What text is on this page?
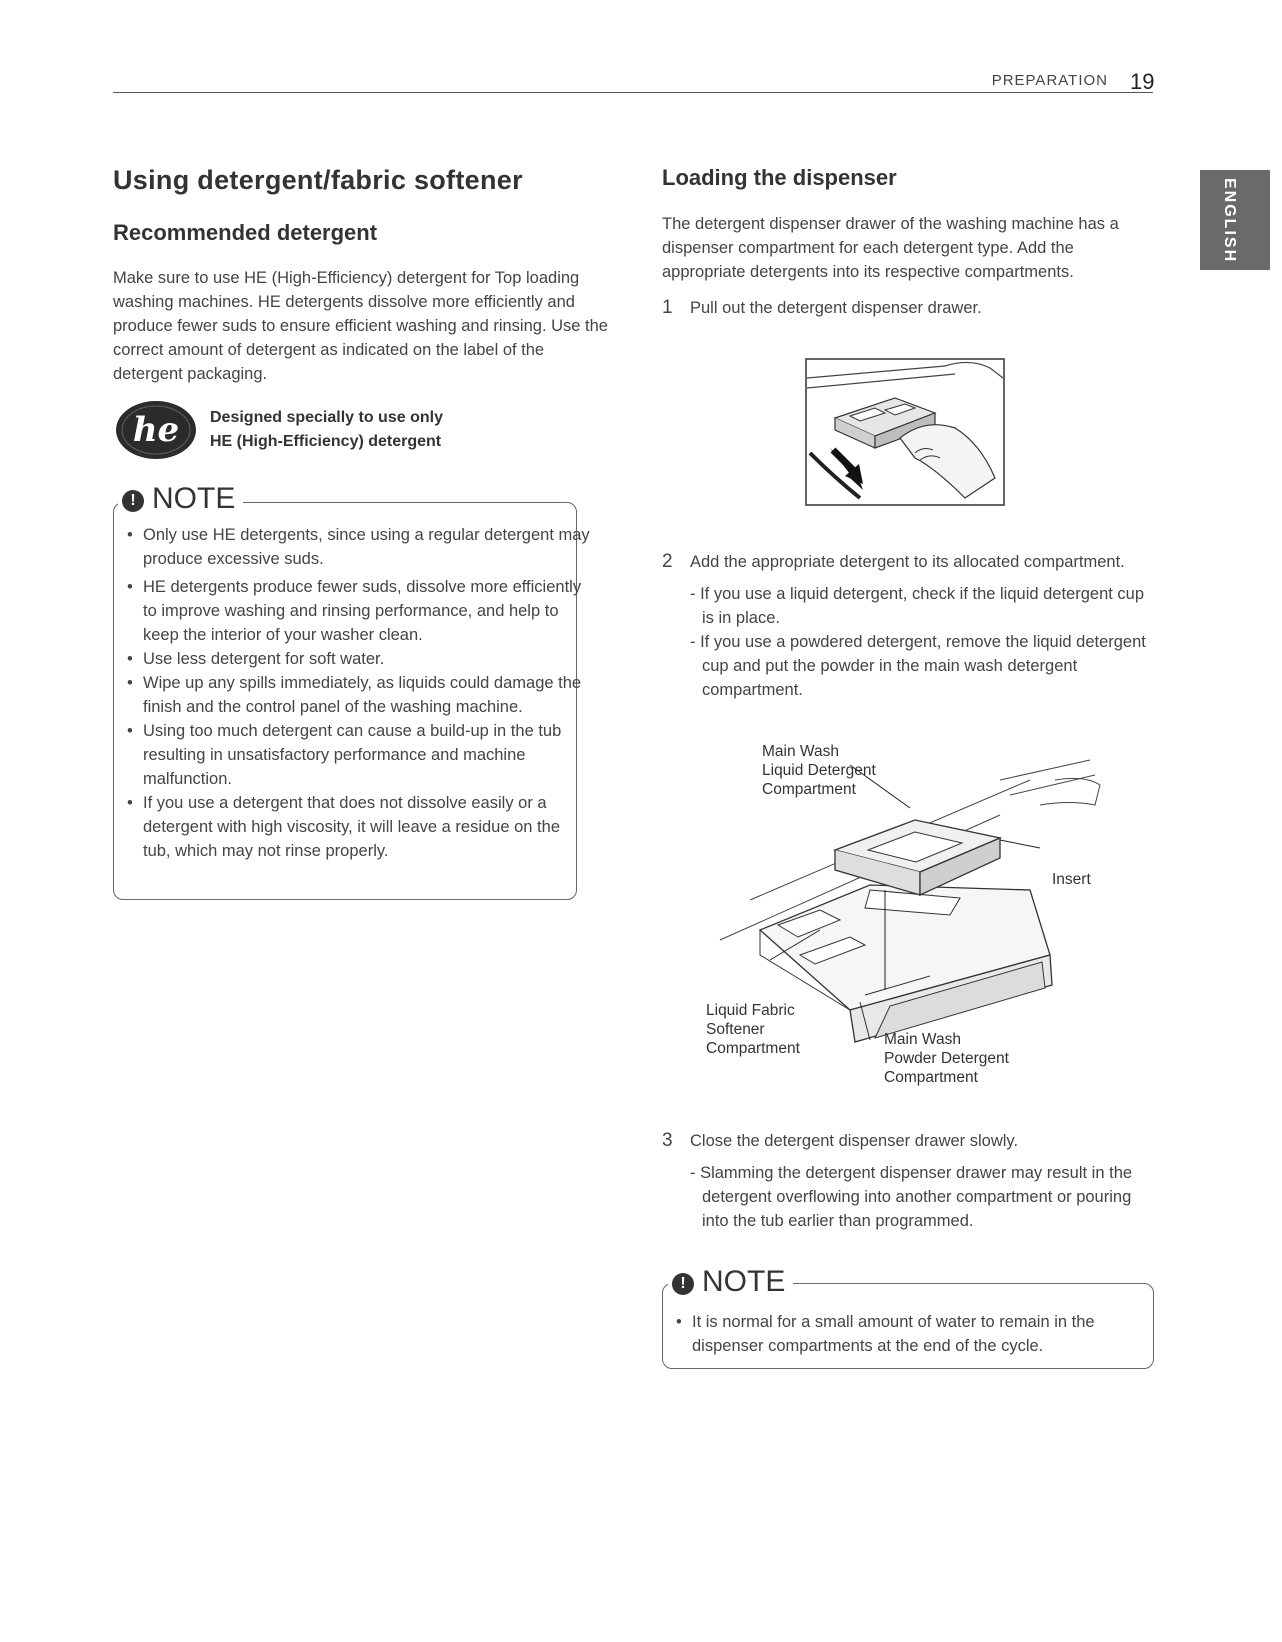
PREPARATION 19
ENGLISH
Using detergent/fabric softener
Recommended detergent

Make sure to use HE (High-Efficiency) detergent for Top loading washing machines. HE detergents dissolve more efficiently and produce fewer suds to ensure efficient washing and rinsing. Use the correct amount of detergent as indicated on the label of the detergent packaging.

he Designed specially to use only
HE (High-Efficiency) detergent
! NOTE
• Only use HE detergents, since using a regular detergent may produce excessive suds.
• HE detergents produce fewer suds, dissolve more efficiently to improve washing and rinsing performance, and help to keep the interior of your washer clean.
• Use less detergent for soft water.
• Wipe up any spills immediately, as liquids could damage the finish and the control panel of the washing machine.
• Using too much detergent can cause a build-up in the tub resulting in unsatisfactory performance and machine malfunction.
• If you use a detergent that does not dissolve easily or a detergent with high viscosity, it will leave a residue on the tub, which may not rinse properly.
Loading the dispenser

The detergent dispenser drawer of the washing machine has a dispenser compartment for each detergent type. Add the appropriate detergents into its respective compartments.

1	Pull out the detergent dispenser drawer.
2	Add the appropriate detergent to its allocated compartment.
- If you use a liquid detergent, check if the liquid detergent cup is in place.
- If you use a powdered detergent, remove the liquid detergent cup and put the powder in the main wash detergent compartment.
Main Wash
Liquid Detergent
Compartment
Insert
Liquid Fabric
Softener
Compartment
Main Wash
Powder Detergent
Compartment
3	Close the detergent dispenser drawer slowly.
- Slamming the detergent dispenser drawer may result in the detergent overflowing into another compartment or pouring into the tub earlier than programmed.
! NOTE
• It is normal for a small amount of water to remain in the dispenser compartments at the end of the cycle.
